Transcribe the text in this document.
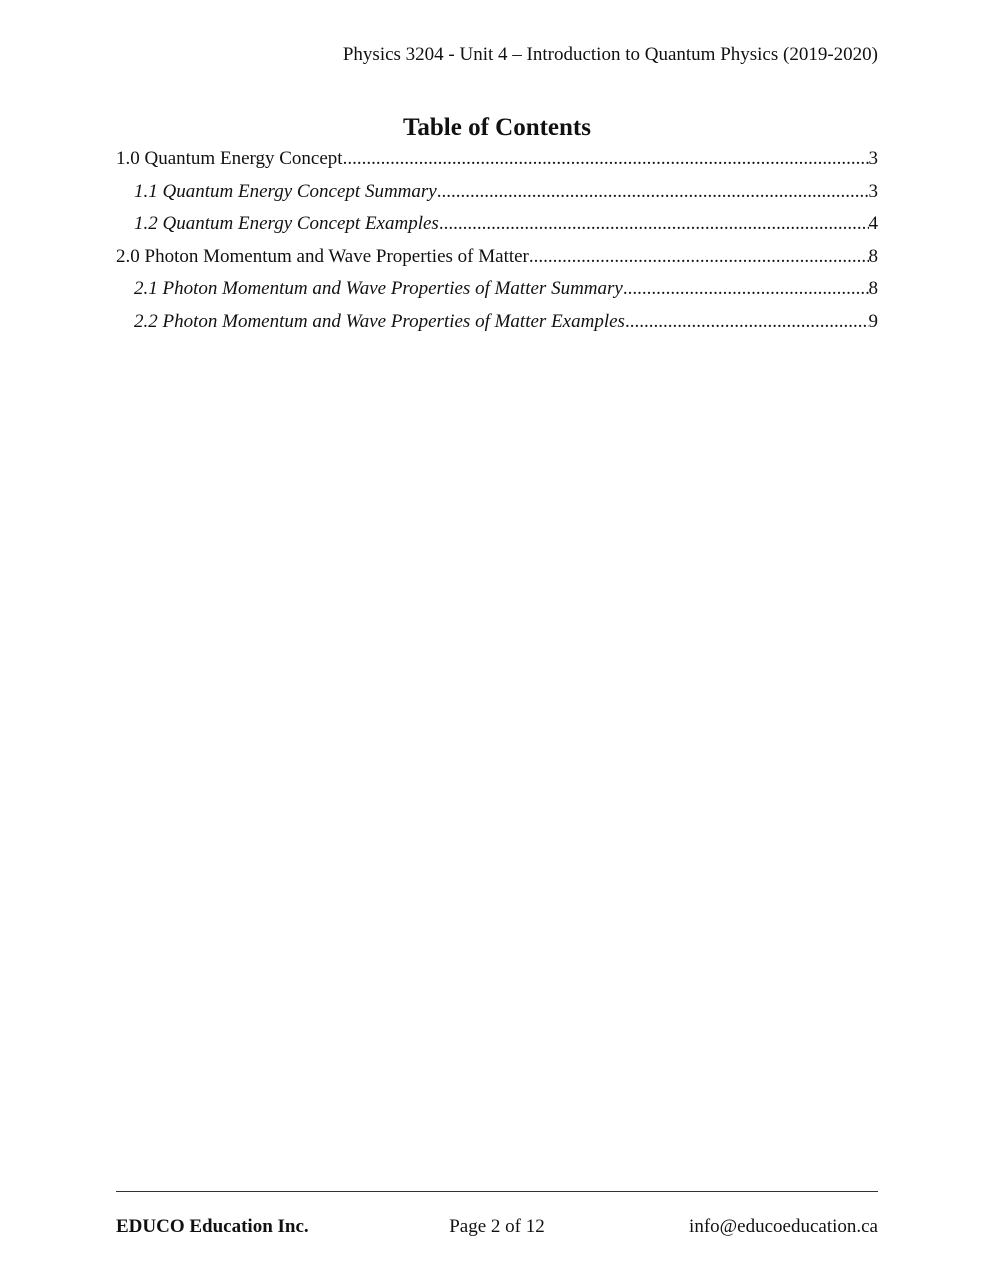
Physics 3204 - Unit 4 – Introduction to Quantum Physics (2019-2020)
Table of Contents
1.0 Quantum Energy Concept .....	3
1.1 Quantum Energy Concept Summary .....	3
1.2 Quantum Energy Concept Examples .....	4
2.0 Photon Momentum and Wave Properties of Matter .....	8
2.1 Photon Momentum and Wave Properties of Matter Summary .....	8
2.2 Photon Momentum and Wave Properties of Matter Examples .....	9
EDUCO Education Inc.	Page 2 of 12	info@educoeducation.ca
